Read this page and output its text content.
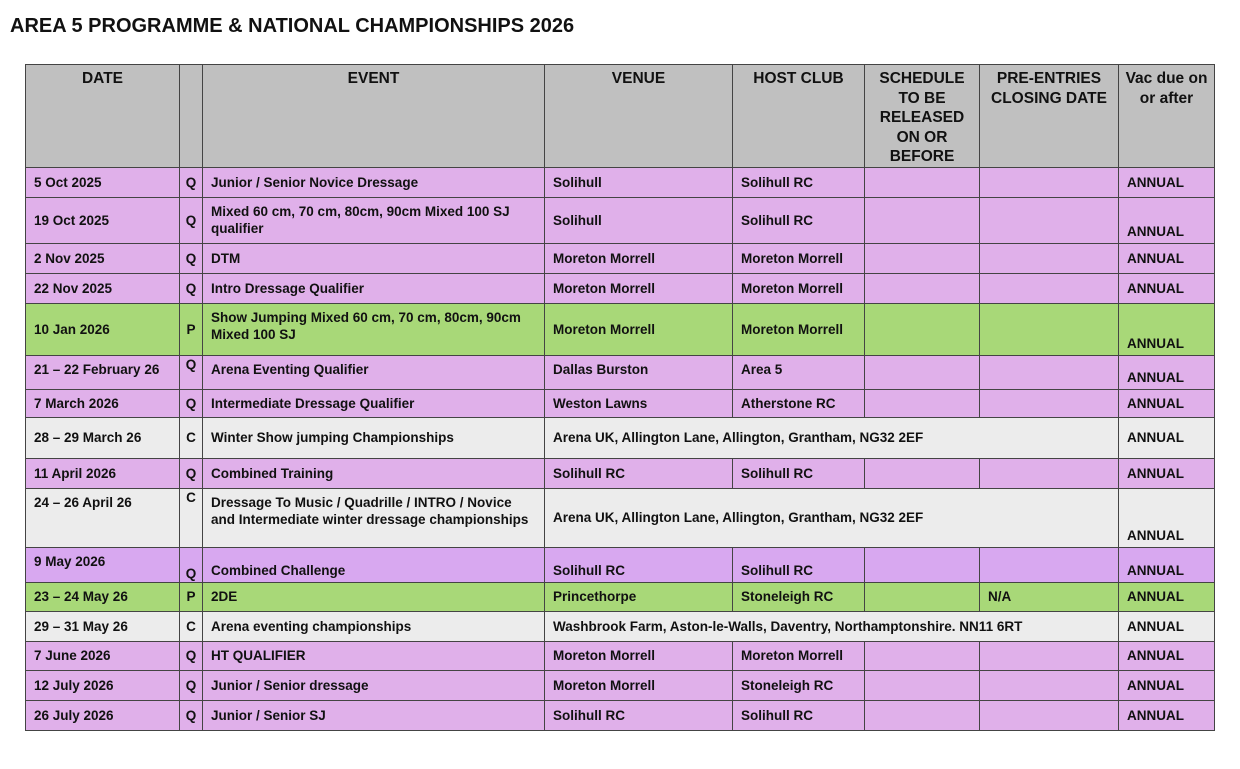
AREA 5 PROGRAMME & NATIONAL CHAMPIONSHIPS 2026
DATE		EVENT	VENUE	HOST CLUB	SCHEDULE TO BE RELEASED ON OR BEFORE	PRE-ENTRIES CLOSING DATE	Vac due on or after
5 Oct 2025	Q	Junior / Senior Novice Dressage	Solihull	Solihull RC			ANNUAL
19 Oct 2025	Q	Mixed 60 cm, 70 cm, 80cm, 90cm Mixed 100 SJ qualifier	Solihull	Solihull RC			ANNUAL
2 Nov 2025	Q	DTM	Moreton Morrell	Moreton Morrell			ANNUAL
22 Nov 2025	Q	Intro Dressage Qualifier	Moreton Morrell	Moreton Morrell			ANNUAL
10 Jan 2026	P	Show Jumping Mixed 60 cm, 70 cm, 80cm, 90cm Mixed 100 SJ	Moreton Morrell	Moreton Morrell			ANNUAL
21 – 22 February 26	Q	Arena Eventing Qualifier	Dallas Burston	Area 5			ANNUAL
7 March 2026	Q	Intermediate Dressage Qualifier	Weston Lawns	Atherstone RC			ANNUAL
28 – 29 March 26	C	Winter Show jumping Championships	Arena UK, Allington Lane, Allington, Grantham, NG32 2EF				ANNUAL
11 April 2026	Q	Combined Training	Solihull RC	Solihull RC			ANNUAL
24 – 26 April 26	C	Dressage To Music / Quadrille / INTRO / Novice and Intermediate winter dressage championships	Arena UK, Allington Lane, Allington, Grantham, NG32 2EF				ANNUAL
9 May 2026	Q	Combined Challenge	Solihull RC	Solihull RC			ANNUAL
23 – 24 May 26	P	2DE	Princethorpe	Stoneleigh RC		N/A	ANNUAL
29 – 31 May 26	C	Arena eventing championships	Washbrook Farm, Aston-le-Walls, Daventry, Northamptonshire. NN11 6RT				ANNUAL
7 June 2026	Q	HT QUALIFIER	Moreton Morrell	Moreton Morrell			ANNUAL
12 July 2026	Q	Junior / Senior dressage	Moreton Morrell	Stoneleigh RC			ANNUAL
26 July 2026	Q	Junior / Senior SJ	Solihull RC	Solihull RC			ANNUAL
